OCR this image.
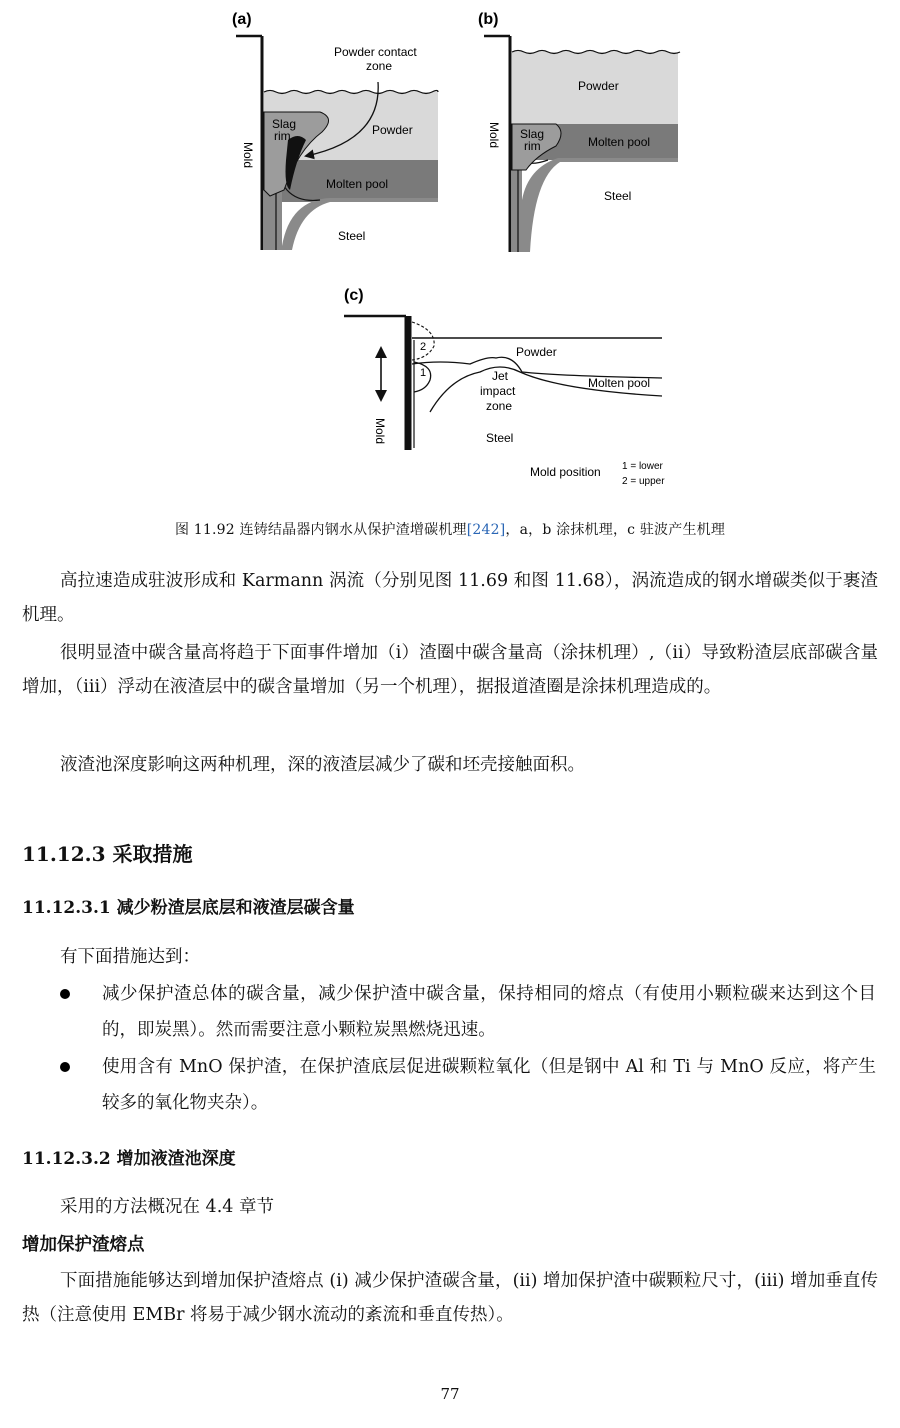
(a)
Mold
Powder contact
zone
Slag
rim	Powder
Molten pool
Steel
(b)
Mold
Powder
Slag
rim	Molten pool
Steel
(c)
Mold
2
1
Powder
Molten pool
Jet
impact
zone
Steel
Mold position 1 = lower
2 = upper
图 11.92 连铸结晶器内钢水从保护渣增碳机理[242]，a，b 涂抹机理，c 驻波产生机理
高拉速造成驻波形成和 Karmann 涡流（分别见图 11.69 和图 11.68），涡流造成的钢水增碳类似于裹渣机理。
很明显渣中碳含量高将趋于下面事件增加（i）渣圈中碳含量高（涂抹机理）,（ii）导致粉渣层底部碳含量增加，（iii）浮动在液渣层中的碳含量增加（另一个机理），据报道渣圈是涂抹机理造成的。
液渣池深度影响这两种机理，深的液渣层减少了碳和坯壳接触面积。
11.12.3 采取措施
11.12.3.1 减少粉渣层底层和液渣层碳含量
有下面措施达到：
减少保护渣总体的碳含量，减少保护渣中碳含量，保持相同的熔点（有使用小颗粒碳来达到这个目的，即炭黑）。然而需要注意小颗粒炭黑燃烧迅速。
使用含有 MnO 保护渣，在保护渣底层促进碳颗粒氧化（但是钢中 Al 和 Ti 与 MnO 反应，将产生较多的氧化物夹杂）。
11.12.3.2 增加液渣池深度
采用的方法概况在 4.4 章节
增加保护渣熔点
下面措施能够达到增加保护渣熔点 (i) 减少保护渣碳含量，(ii) 增加保护渣中碳颗粒尺寸，(iii) 增加垂直传热（注意使用 EMBr 将易于减少钢水流动的紊流和垂直传热）。
77
